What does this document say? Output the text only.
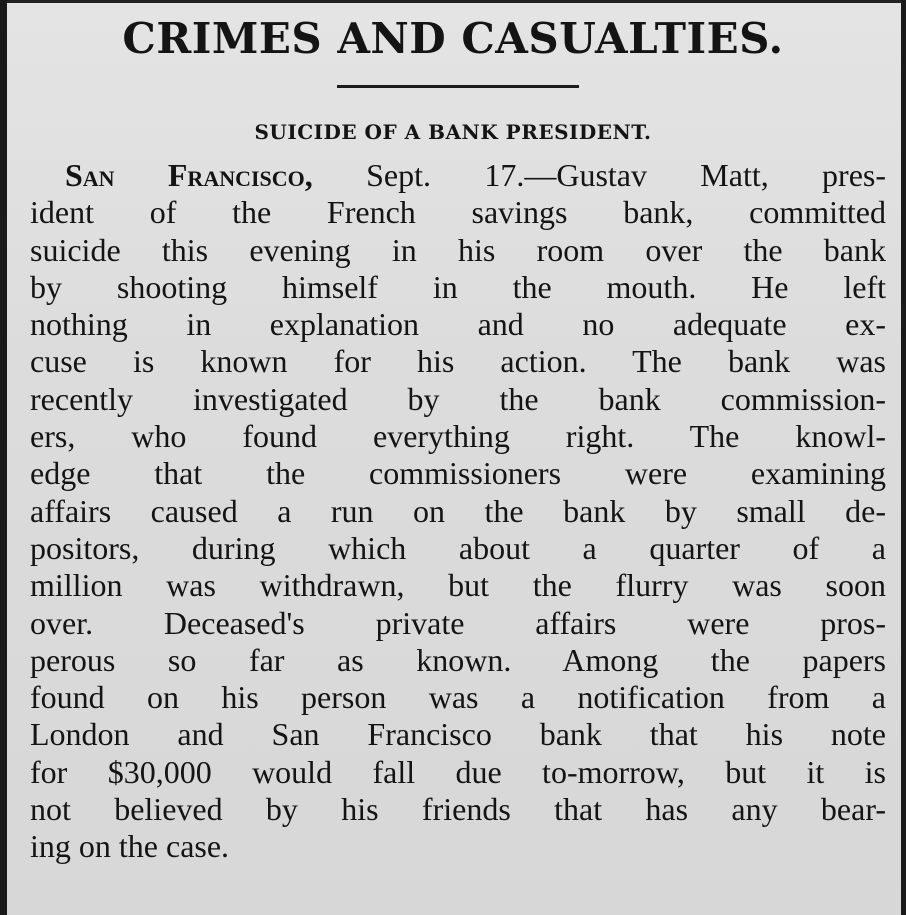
CRIMES AND CASUALTIES.
SUICIDE OF A BANK PRESIDENT.
San Francisco, Sept. 17.—Gustav Matt, pres-
ident of the French savings bank, committed
suicide this evening in his room over the bank
by shooting himself in the mouth. He left
nothing in explanation and no adequate ex-
cuse is known for his action. The bank was
recently investigated by the bank commission-
ers, who found everything right. The knowl-
edge that the commissioners were examining
affairs caused a run on the bank by small de-
positors, during which about a quarter of a
million was withdrawn, but the flurry was soon
over. Deceased's private affairs were pros-
perous so far as known. Among the papers
found on his person was a notification from a
London and San Francisco bank that his note
for $30,000 would fall due to-morrow, but it is
not believed by his friends that has any bear-
ing on the case.
